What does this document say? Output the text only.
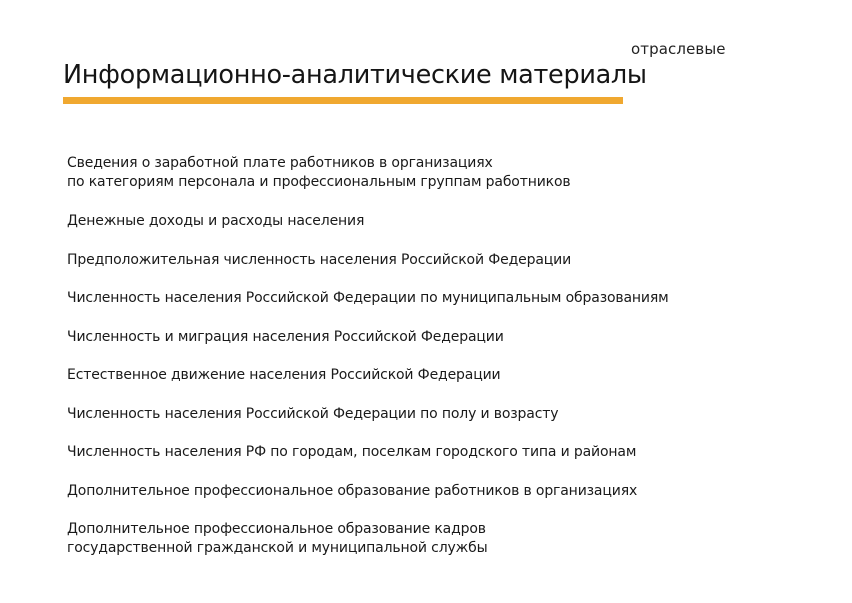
отраслевые
Информационно-аналитические материалы
Сведения о заработной плате работников в организациях
по категориям персонала и профессиональным группам работников
Денежные доходы и расходы населения
Предположительная численность населения Российской Федерации
Численность населения Российской Федерации по муниципальным образованиям
Численность и миграция населения Российской Федерации
Естественное движение населения Российской Федерации
Численность населения Российской Федерации по полу и возрасту
Численность населения РФ по городам, поселкам городского типа и районам
Дополнительное профессиональное образование работников в организациях
Дополнительное профессиональное образование кадров
государственной гражданской и муниципальной службы
